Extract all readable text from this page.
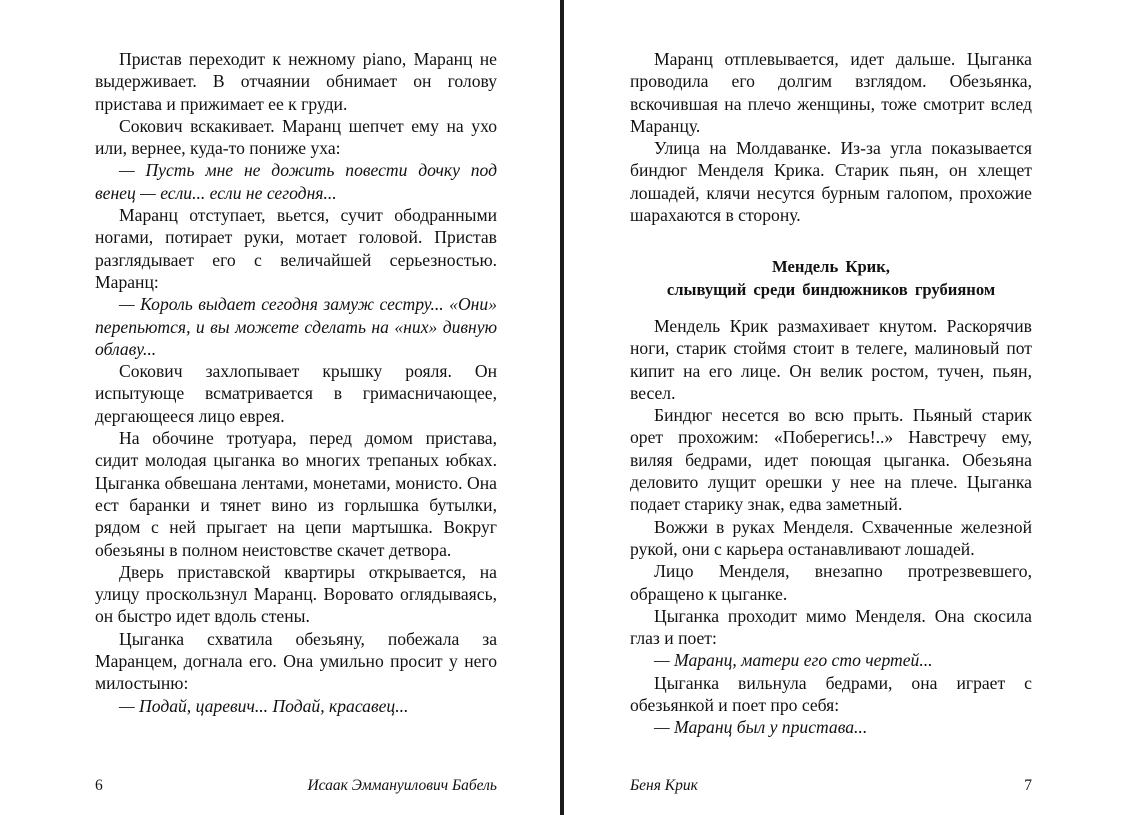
Пристав переходит к нежному piano, Маранц не выдерживает. В отчаянии обнимает он голову пристава и прижимает ее к груди.

Сокович вскакивает. Маранц шепчет ему на ухо или, вернее, куда-то пониже уха:

— Пусть мне не дожить повести дочку под венец — если... если не сегодня...

Маранц отступает, вьется, сучит ободранными ногами, потирает руки, мотает головой. Пристав разглядывает его с величайшей серьезностью. Маранц:

— Король выдает сегодня замуж сестру... «Они» перепьются, и вы можете сделать на «них» дивную облаву...

Сокович захлопывает крышку рояля. Он испытующе всматривается в гримасничающее, дергающееся лицо еврея.

На обочине тротуара, перед домом пристава, сидит молодая цыганка во многих трепаных юбках. Цыганка обвешана лентами, монетами, монисто. Она ест баранки и тянет вино из горлышка бутылки, рядом с ней прыгает на цепи мартышка. Вокруг обезьяны в полном неистовстве скачет детвора.

Дверь приставской квартиры открывается, на улицу проскользнул Маранц. Вороватo оглядываясь, он быстро идет вдоль стены.

Цыганка схватила обезьяну, побежала за Маранцем, догнала его. Она умильно просит у него милостыню:

— Подай, царевич... Подай, красавец...

Маранц отплевывается, идет дальше. Цыганка проводила его долгим взглядом. Обезьянка, вскочившая на плечо женщины, тоже смотрит вслед Маранцу.

Улица на Молдаванке. Из-за угла показывается биндюг Менделя Крика. Старик пьян, он хлещет лошадей, клячи несутся бурным галопом, прохожие шарахаются в сторону.

Мендель Крик,
слывущий среди биндюжников грубияном

Мендель Крик размахивает кнутом. Раскорячив ноги, старик стоймя стоит в телеге, малиновый пот кипит на его лице. Он велик ростом, тучен, пьян, весел.

Биндюг несется во всю прыть. Пьяный старик орет прохожим: «Поберегись!..» Навстречу ему, виляя бедрами, идет поющая цыганка. Обезьяна деловито лущит орешки у нее на плече. Цыганка подает старику знак, едва заметный.

Вожжи в руках Менделя. Схваченные железной рукой, они с карьера останавливают лошадей.

Лицо Менделя, внезапно протрезвевшего, обращено к цыганке.

Цыганка проходит мимо Менделя. Она скосила глаз и поет:

— Маранц, матери его сто чертей...

Цыганка вильнула бедрами, она играет с обезьянкой и поет про себя:

— Маранц был у пристава...

6	Исаак Эммануилович Бабель	Беня Крик	7
